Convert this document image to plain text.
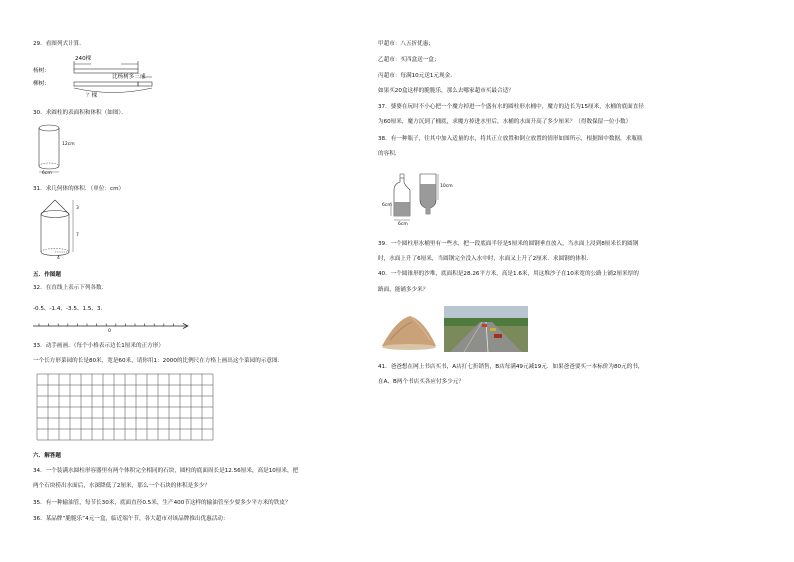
29．看图列式计算．
240棵
杨树：
柳树：
比杨树多三成
？棵
30．求圆柱的表面积和体积（如图）．
12cm
6cm
31．求几何体的体积．（单位：cm）
3
7
4
五．作图题
32．在直线上表示下列各数．
-0.5、-1.4、-3.5、1.5、3．
0
33．动手画画．（每个小格表示边长1厘米的正方形）
一个长方形菜园的长是80米，宽是60米，请你用1：2000的比例尺在方格上画出这个菜园的示意图．
六．解答题
34．一个装满水圆柱形容器里有两个体积完全相同的石块，圆柱的底面周长是12.56厘米，高是10厘米，把
两个石块捞出水面后，水深降低了2厘米，那么一个石块的体积是多少？
35．有一种输油管，每节长30米，底面直径0.5米，生产400节这样的输油管至少要多少平方米的铁皮？
36．某品牌“脆脆乐”4元一盒，临近端午节，各大超市对该品牌推出优惠活动：
甲超市：八五折优惠；
乙超市：买四盒送一盒；
丙超市：每满10元送1元现金．
如果买20盒这样的脆脆乐，那么去哪家超市买最合适？
37．婆婆在玩时不小心把一个魔方掉进一个盛有水的圆柱形水桶中，魔方的边长为15厘米，水桶的底面直径
为60厘米，魔方沉到了桶底，求魔方掉进水里后，水桶的水面升高了多少厘米？（得数保留一位小数）
38．有一种瓶子，往其中加入适量的水，将其正立放置和倒立放置的情形如图所示，根据图中数据，求瓶瓶
的容积．
10cm
6cm
6cm
39．一个圆柱形水桶里有一些水，把一段底面半径是5厘米的圆钢垂直放入，当水面上浸到8厘米长的圆钢
时，水面上升了6厘米，当圆钢完全没入水中时，水面又上升了2厘米．求圆钢的体积．
40．一个圆锥形的沙堆，底面积是28.26平方米，高是1.6米，用这堆沙子在10米宽的公路上铺2厘米厚的
路面，能铺多少米？
41．爸爸想在网上书店买书，A店打七折销售，B店每满49元减19元．如果爸爸要买一本标价为80元的书，
在A、B两个书店买各应付多少元？
